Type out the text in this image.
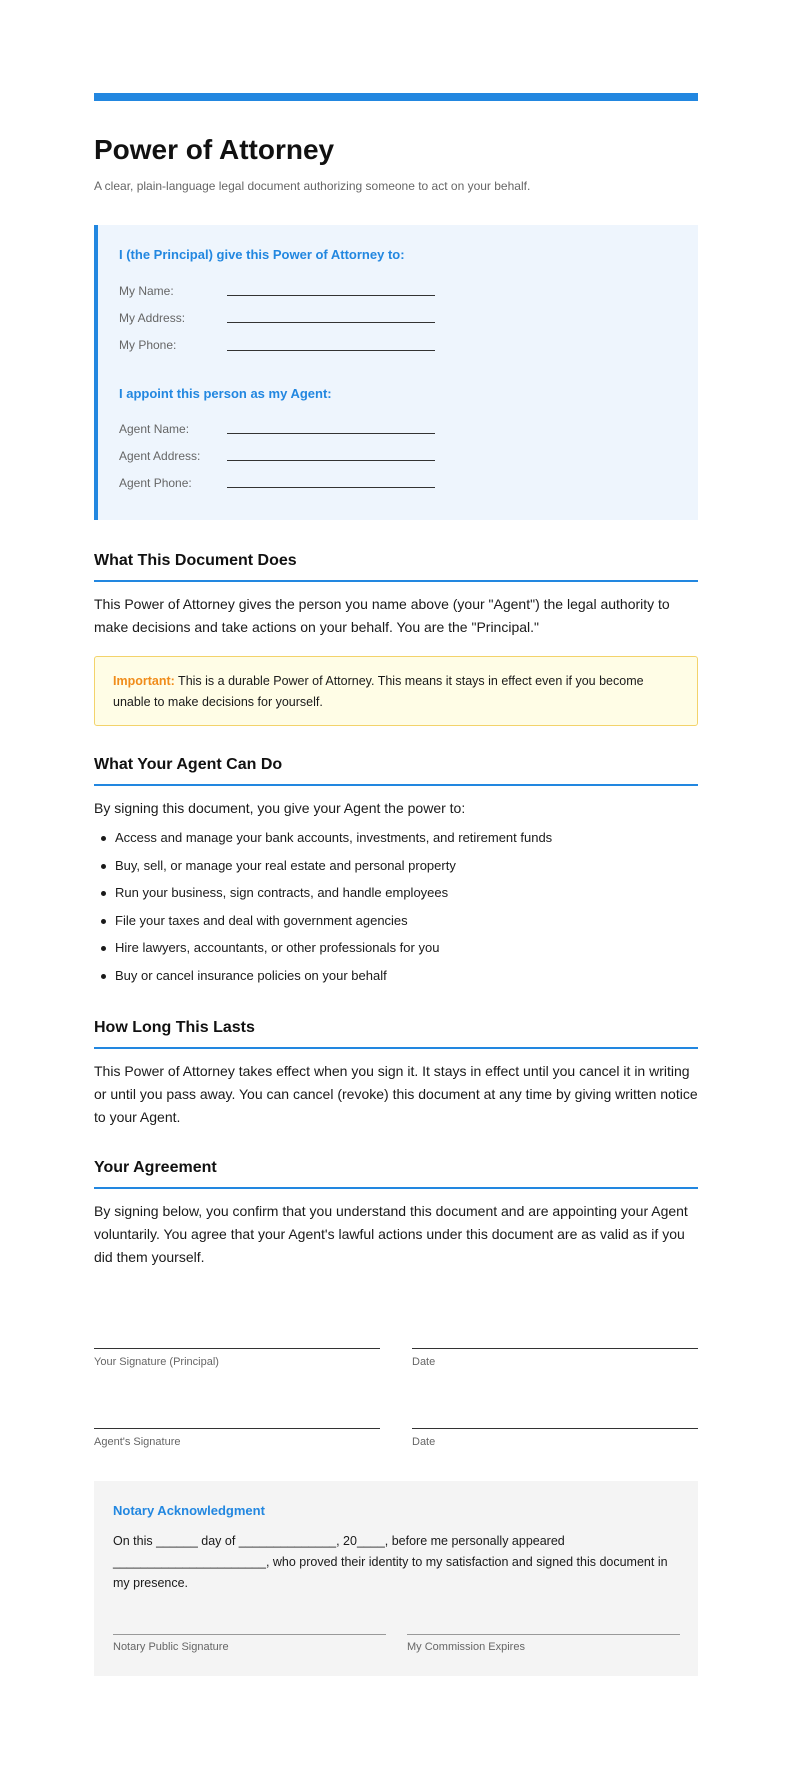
Power of Attorney
A clear, plain-language legal document authorizing someone to act on your behalf.
I (the Principal) give this Power of Attorney to:
My Name:
My Address:
My Phone:
I appoint this person as my Agent:
Agent Name:
Agent Address:
Agent Phone:
What This Document Does
This Power of Attorney gives the person you name above (your "Agent") the legal authority to make decisions and take actions on your behalf. You are the "Principal."
Important: This is a durable Power of Attorney. This means it stays in effect even if you become unable to make decisions for yourself.
What Your Agent Can Do
By signing this document, you give your Agent the power to:
Access and manage your bank accounts, investments, and retirement funds
Buy, sell, or manage your real estate and personal property
Run your business, sign contracts, and handle employees
File your taxes and deal with government agencies
Hire lawyers, accountants, or other professionals for you
Buy or cancel insurance policies on your behalf
How Long This Lasts
This Power of Attorney takes effect when you sign it. It stays in effect until you cancel it in writing or until you pass away. You can cancel (revoke) this document at any time by giving written notice to your Agent.
Your Agreement
By signing below, you confirm that you understand this document and are appointing your Agent voluntarily. You agree that your Agent's lawful actions under this document are as valid as if you did them yourself.
Your Signature (Principal)	Date
Agent's Signature	Date
Notary Acknowledgment
On this ______ day of ______________, 20____, before me personally appeared ______________________, who proved their identity to my satisfaction and signed this document in my presence.
Notary Public Signature	My Commission Expires
